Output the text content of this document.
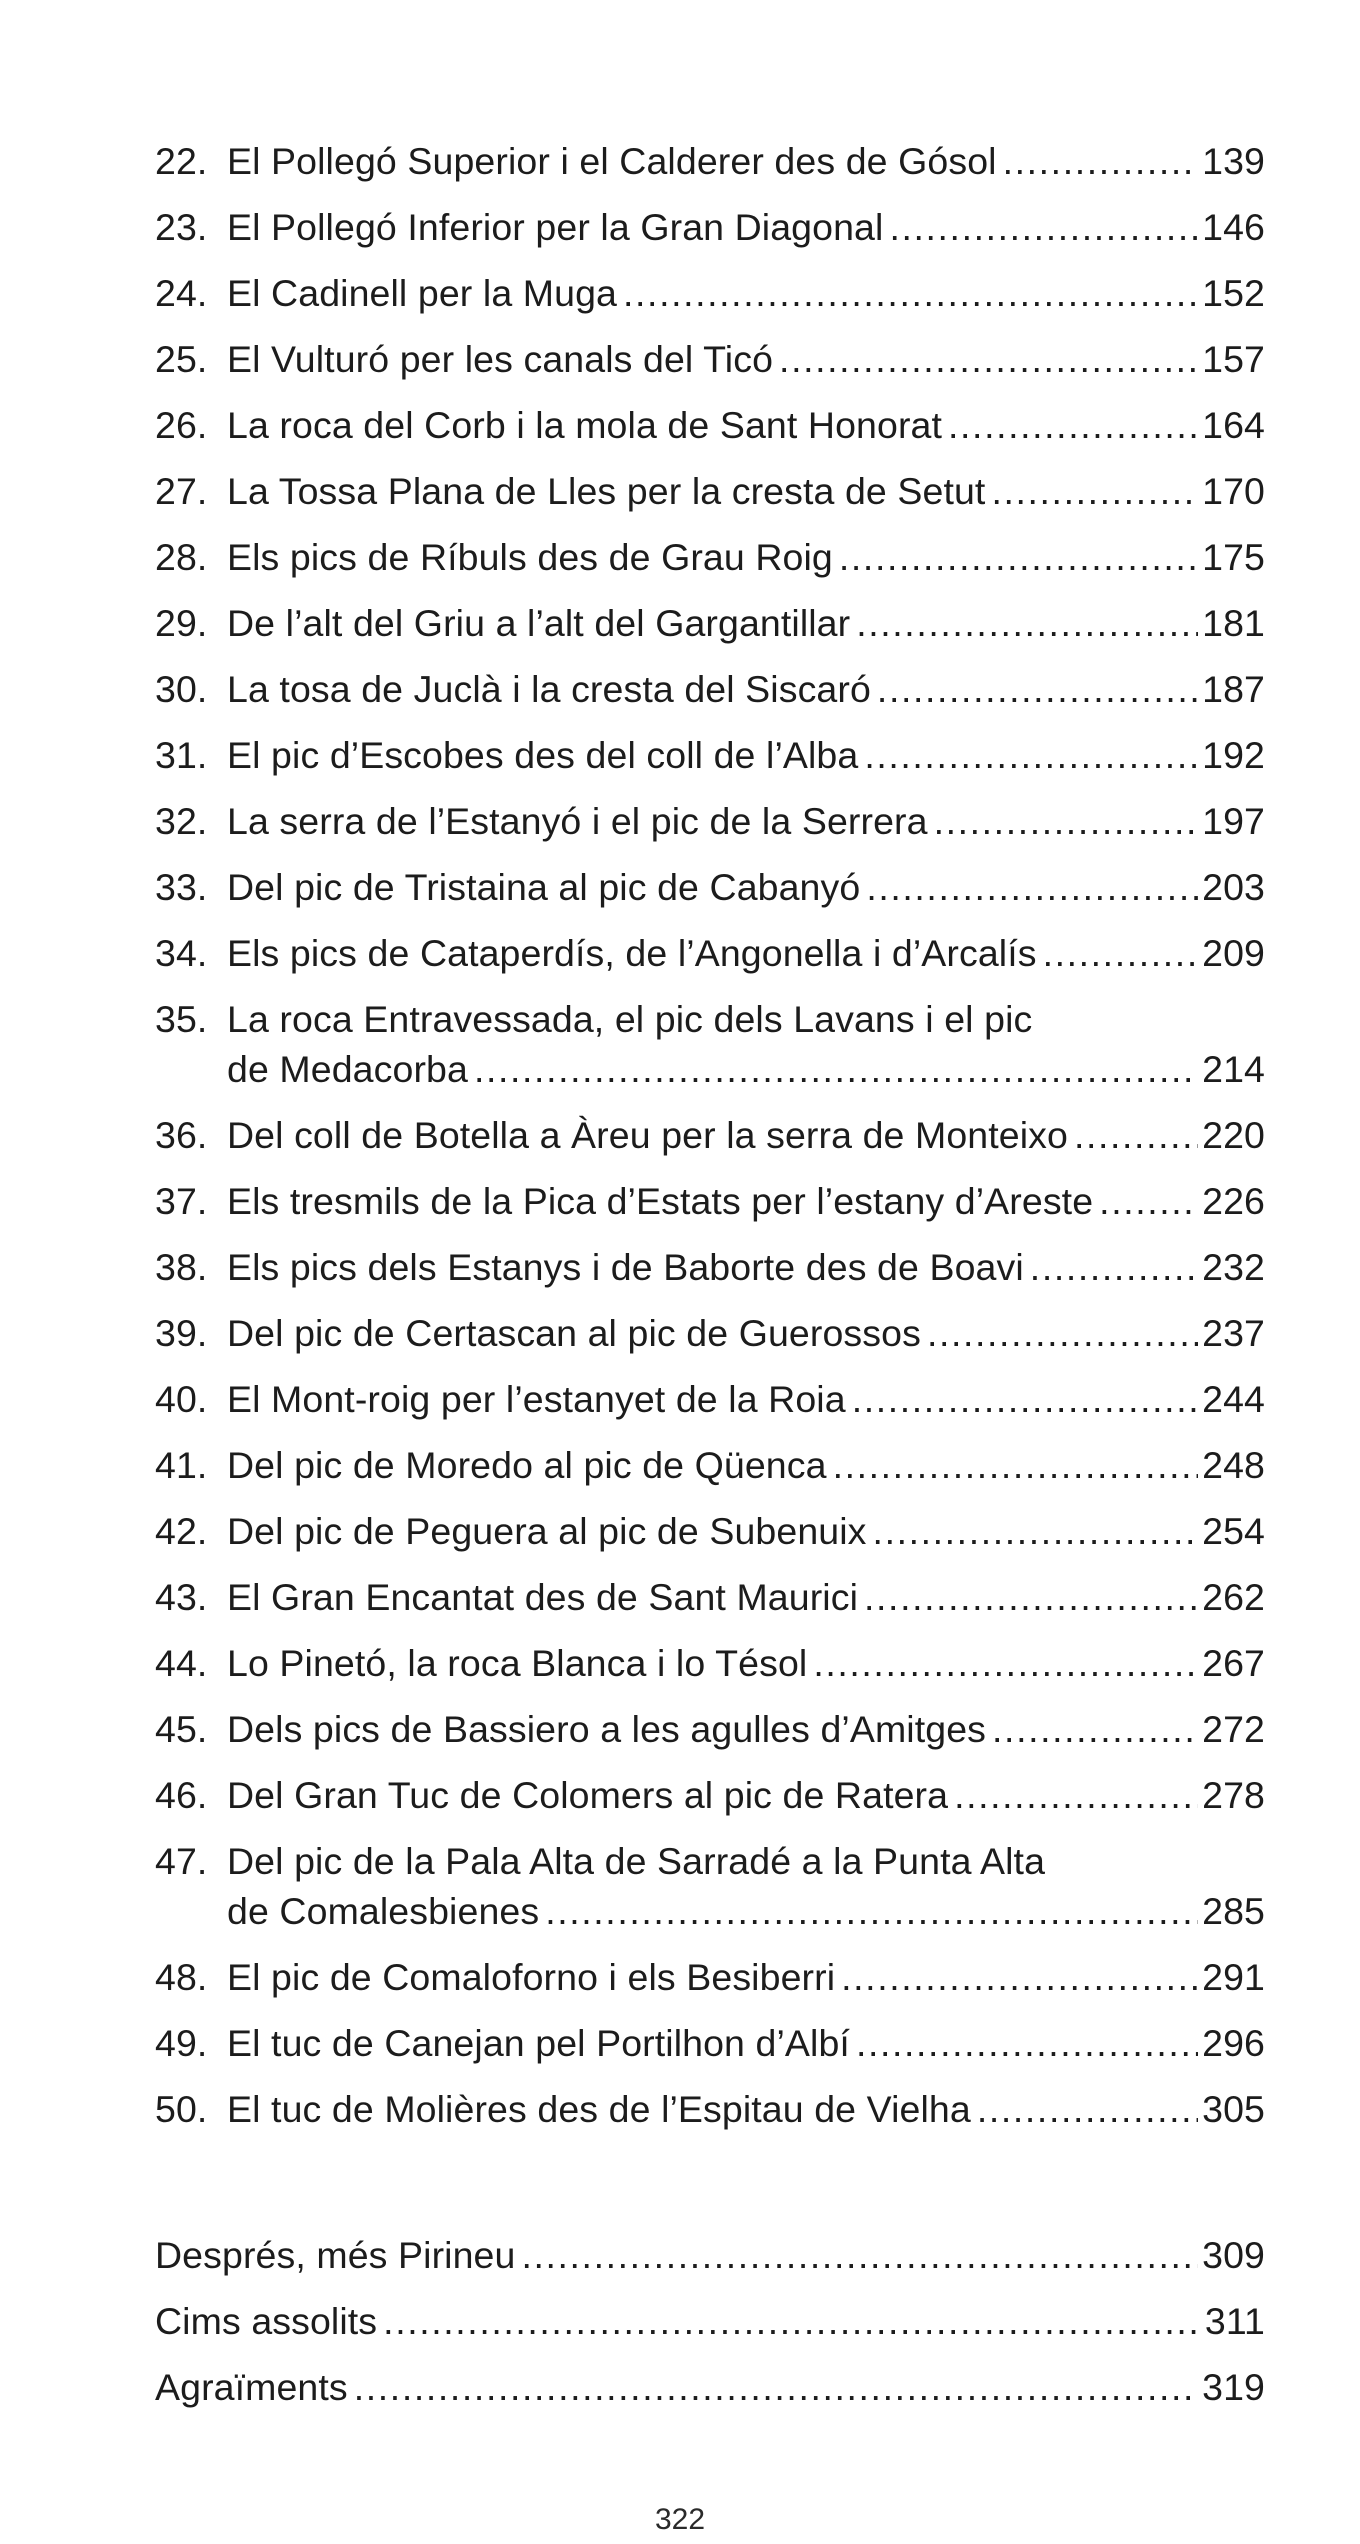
22. El Pollegó Superior i el Calderer des de Gósol .....	139
23. El Pollegó Inferior per la Gran Diagonal .....	146
24. El Cadinell per la Muga .....	152
25. El Vulturó per les canals del Ticó .....	157
26. La roca del Corb i la mola de Sant Honorat .....	164
27. La Tossa Plana de Lles per la cresta de Setut .....	170
28. Els pics de Ríbuls des de Grau Roig .....	175
29. De l’alt del Griu a l’alt del Gargantillar .....	181
30. La tosa de Juclà i la cresta del Siscaró .....	187
31. El pic d’Escobes des del coll de l’Alba .....	192
32. La serra de l’Estanyó i el pic de la Serrera .....	197
33. Del pic de Tristaina al pic de Cabanyó .....	203
34. Els pics de Cataperdís, de l’Angonella i d’Arcalís .....	209
35. La roca Entravessada, el pic dels Lavans i el pic
de Medacorba .....	214
36. Del coll de Botella a Àreu per la serra de Monteixo .....	220
37. Els tresmils de la Pica d’Estats per l’estany d’Areste .....	226
38. Els pics dels Estanys i de Baborte des de Boavi .....	232
39. Del pic de Certascan al pic de Guerossos .....	237
40. El Mont-roig per l’estanyet de la Roia .....	244
41. Del pic de Moredo al pic de Qüenca .....	248
42. Del pic de Peguera al pic de Subenuix .....	254
43. El Gran Encantat des de Sant Maurici .....	262
44. Lo Pinetó, la roca Blanca i lo Tésol .....	267
45. Dels pics de Bassiero a les agulles d’Amitges .....	272
46. Del Gran Tuc de Colomers al pic de Ratera .....	278
47. Del pic de la Pala Alta de Sarradé a la Punta Alta
de Comalesbienes .....	285
48. El pic de Comaloforno i els Besiberri .....	291
49. El tuc de Canejan pel Portilhon d’Albí .....	296
50. El tuc de Molières des de l’Espitau de Vielha .....	305
Després, més Pirineu .....	309
Cims assolits .....	311
Agraïments .....	319
322
